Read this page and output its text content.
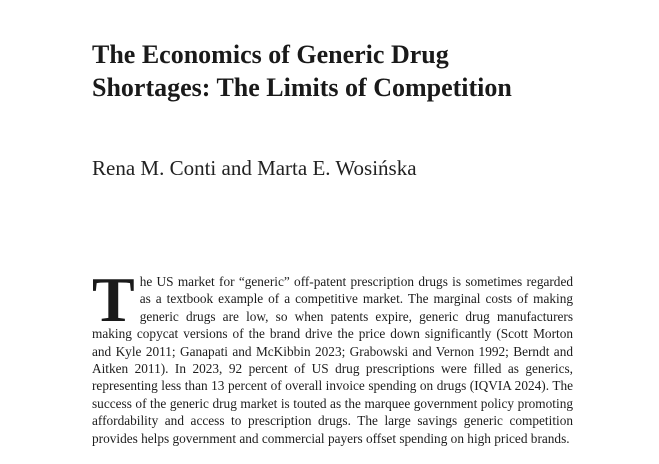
The Economics of Generic Drug
Shortages: The Limits of Competition

Rena M. Conti and Marta E. Wosińska

The US market for “generic” off-patent prescription drugs is sometimes regarded as a textbook example of a competitive market. The marginal costs of making generic drugs are low, so when patents expire, generic drug manufacturers making copycat versions of the brand drive the price down significantly (Scott Morton and Kyle 2011; Ganapati and McKibbin 2023; Grabowski and Vernon 1992; Berndt and Aitken 2011). In 2023, 92 percent of US drug prescriptions were filled as generics, representing less than 13 percent of overall invoice spending on drugs (IQVIA 2024). The success of the generic drug market is touted as the marquee government policy promoting affordability and access to prescription drugs. The large savings generic competition provides helps government and commercial payers offset spending on high priced brands.
